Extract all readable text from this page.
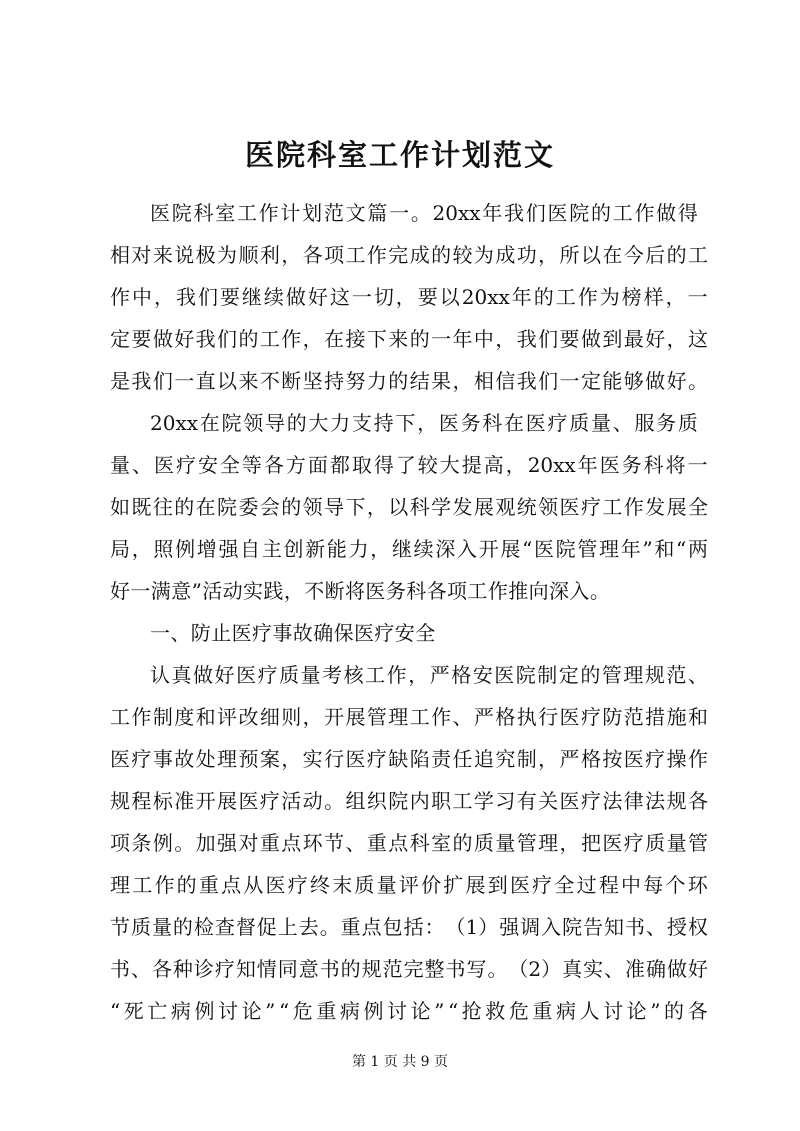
医院科室工作计划范文
医 院 科 室 工 作 计 划 范 文 篇 一 。 20xx 年 我 们 医 院 的 工 作 做 得
相 对 来 说 极 为 顺 利 ， 各 项 工 作 完 成 的 较 为 成 功 ， 所 以 在 今 后 的 工
作 中 ， 我 们 要 继 续 做 好 这 一 切 ， 要 以 20xx 年 的 工 作 为 榜 样 ， 一
定 要 做 好 我 们 的 工 作 ， 在 接 下 来 的 一 年 中 ， 我 们 要 做 到 最 好 ， 这
是 我 们 一 直 以 来 不 断 坚 持 努 力 的 结 果 ， 相 信 我 们 一 定 能 够 做 好 。
20xx 在 院 领 导 的 大 力 支 持 下 ， 医 务 科 在 医 疗 质 量 、 服 务 质
量 、 医 疗 安 全 等 各 方 面 都 取 得 了 较 大 提 高 ， 20xx 年 医 务 科 将 一
如 既 往 的 在 院 委 会 的 领 导 下 ， 以 科 学 发 展 观 统 领 医 疗 工 作 发 展 全
局 ， 照 例 增 强 自 主 创 新 能 力 ， 继 续 深 入 开 展 “ 医 院 管 理 年 ” 和 “ 两
好一满意”活动实践，不断将医务科各项工作推向深入。
一、防止医疗事故确保医疗安全
认 真 做 好 医 疗 质 量 考 核 工 作 ， 严 格 安 医 院 制 定 的 管 理 规 范 、
工 作 制 度 和 评 改 细 则 ， 开 展 管 理 工 作 、 严 格 执 行 医 疗 防 范 措 施 和
医 疗 事 故 处 理 预 案 ， 实 行 医 疗 缺 陷 责 任 追 究 制 ， 严 格 按 医 疗 操 作
规 程 标 准 开 展 医 疗 活 动 。 组 织 院 内 职 工 学 习 有 关 医 疗 法 律 法 规 各
项 条 例 。 加 强 对 重 点 环 节 、 重 点 科 室 的 质 量 管 理 ， 把 医 疗 质 量 管
理 工 作 的 重 点 从 医 疗 终 末 质 量 评 价 扩 展 到 医 疗 全 过 程 中 每 个 环
节 质 量 的 检 查 督 促 上 去 。 重 点 包 括 ： （1） 强 调 入 院 告 知 书 、 授 权
书 、 各 种 诊 疗 知 情 同 意 书 的 规 范 完 整 书 写 。 （2） 真 实 、 准 确 做 好
“ 死 亡 病 例 讨 论 ” “ 危 重 病 例 讨 论 ” “ 抢 救 危 重 病 人 讨 论 ” 的 各
第 1 页 共 9 页
